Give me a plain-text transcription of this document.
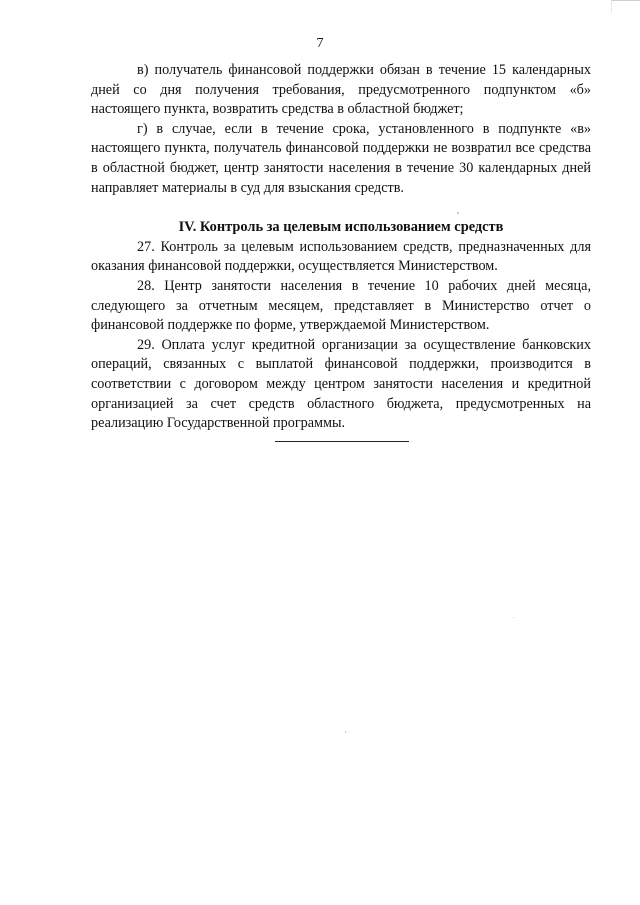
7

в) получатель финансовой поддержки обязан в течение 15 календарных дней со дня получения требования, предусмотренного подпунктом «б» настоящего пункта, возвратить средства в областной бюджет;

г) в случае, если в течение срока, установленного в подпункте «в» настоящего пункта, получатель финансовой поддержки не возвратил все средства в областной бюджет, центр занятости населения в течение 30 календарных дней направляет материалы в суд для взыскания средств.

IV. Контроль за целевым использованием средств

27. Контроль за целевым использованием средств, предназначенных для оказания финансовой поддержки, осуществляется Министерством.

28. Центр занятости населения в течение 10 рабочих дней месяца, следующего за отчетным месяцем, представляет в Министерство отчет о финансовой поддержке по форме, утверждаемой Министерством.

29. Оплата услуг кредитной организации за осуществление банковских операций, связанных с выплатой финансовой поддержки, производится в соответствии с договором между центром занятости населения и кредитной организацией за счет средств областного бюджета, предусмотренных на реализацию Государственной программы.
